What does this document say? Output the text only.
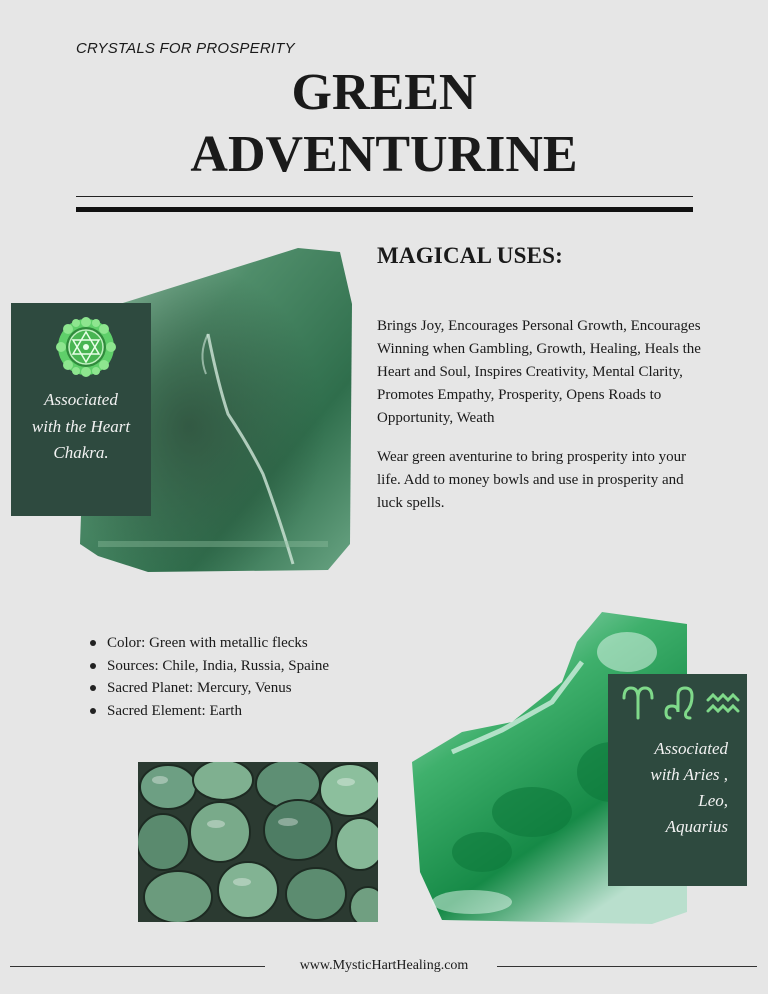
CRYSTALS FOR PROSPERITY
GREEN
ADVENTURINE
Associated with the Heart Chakra.
MAGICAL USES:

Brings Joy, Encourages Personal Growth, Encourages Winning when Gambling, Growth, Healing, Heals the Heart and Soul, Inspires Creativity, Mental Clarity, Promotes Empathy, Prosperity, Opens Roads to Opportunity, Weath

Wear green aventurine to bring prosperity into your life. Add to money bowls and use in prosperity and luck spells.

Color: Green with metallic flecks
Sources: Chile, India, Russia, Spaine
Sacred Planet: Mercury, Venus
Sacred Element: Earth
Associated
with Aries ,
Leo,
Aquarius
www.MysticHartHealing.com
